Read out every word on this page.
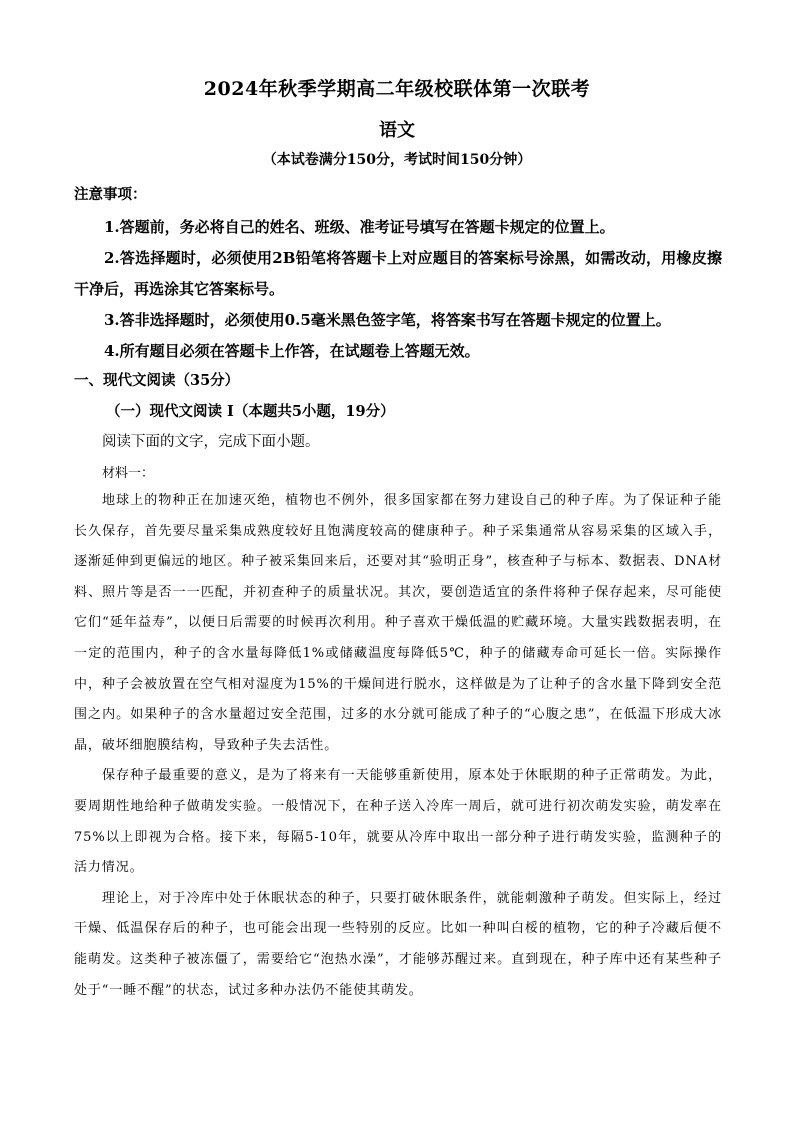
2024年秋季学期高二年级校联体第一次联考
语文
（本试卷满分150分，考试时间150分钟）
注意事项：

1.答题前，务必将自己的姓名、班级、准考证号填写在答题卡规定的位置上。

2.答选择题时，必须使用2B铅笔将答题卡上对应题目的答案标号涂黑，如需改动，用橡皮擦干净后，再选涂其它答案标号。

3.答非选择题时，必须使用0.5毫米黑色签字笔，将答案书写在答题卡规定的位置上。

4.所有题目必须在答题卡上作答，在试题卷上答题无效。

一、现代文阅读（35分）
（一）现代文阅读 I（本题共5小题，19分）
阅读下面的文字，完成下面小题。
材料一：

地球上的物种正在加速灭绝，植物也不例外，很多国家都在努力建设自己的种子库。为了保证种子能长久保存，首先要尽量采集成熟度较好且饱满度较高的健康种子。种子采集通常从容易采集的区域入手，逐渐延伸到更偏远的地区。种子被采集回来后，还要对其“验明正身”，核查种子与标本、数据表、DNA材料、照片等是否一一匹配，并初查种子的质量状况。其次，要创造适宜的条件将种子保存起来，尽可能使它们“延年益寿”，以便日后需要的时候再次利用。种子喜欢干燥低温的贮藏环境。大量实践数据表明，在一定的范围内，种子的含水量每降低1%或储藏温度每降低5℃，种子的储藏寿命可延长一倍。实际操作中，种子会被放置在空气相对湿度为15%的干燥间进行脱水，这样做是为了让种子的含水量下降到安全范围之内。如果种子的含水量超过安全范围，过多的水分就可能成了种子的“心腹之患”，在低温下形成大冰晶，破坏细胞膜结构，导致种子失去活性。

保存种子最重要的意义，是为了将来有一天能够重新使用，原本处于休眠期的种子正常萌发。为此，要周期性地给种子做萌发实验。一般情况下，在种子送入冷库一周后，就可进行初次萌发实验，萌发率在75%以上即视为合格。接下来，每隔5-10年，就要从冷库中取出一部分种子进行萌发实验，监测种子的活力情况。

理论上，对于冷库中处于休眠状态的种子，只要打破休眠条件，就能刺激种子萌发。但实际上，经过干燥、低温保存后的种子，也可能会出现一些特别的反应。比如一种叫白桵的植物，它的种子冷藏后便不能萌发。这类种子被冻僵了，需要给它“泡热水澡”，才能够苏醒过来。直到现在，种子库中还有某些种子处于“一睡不醒”的状态，试过多种办法仍不能使其萌发。
